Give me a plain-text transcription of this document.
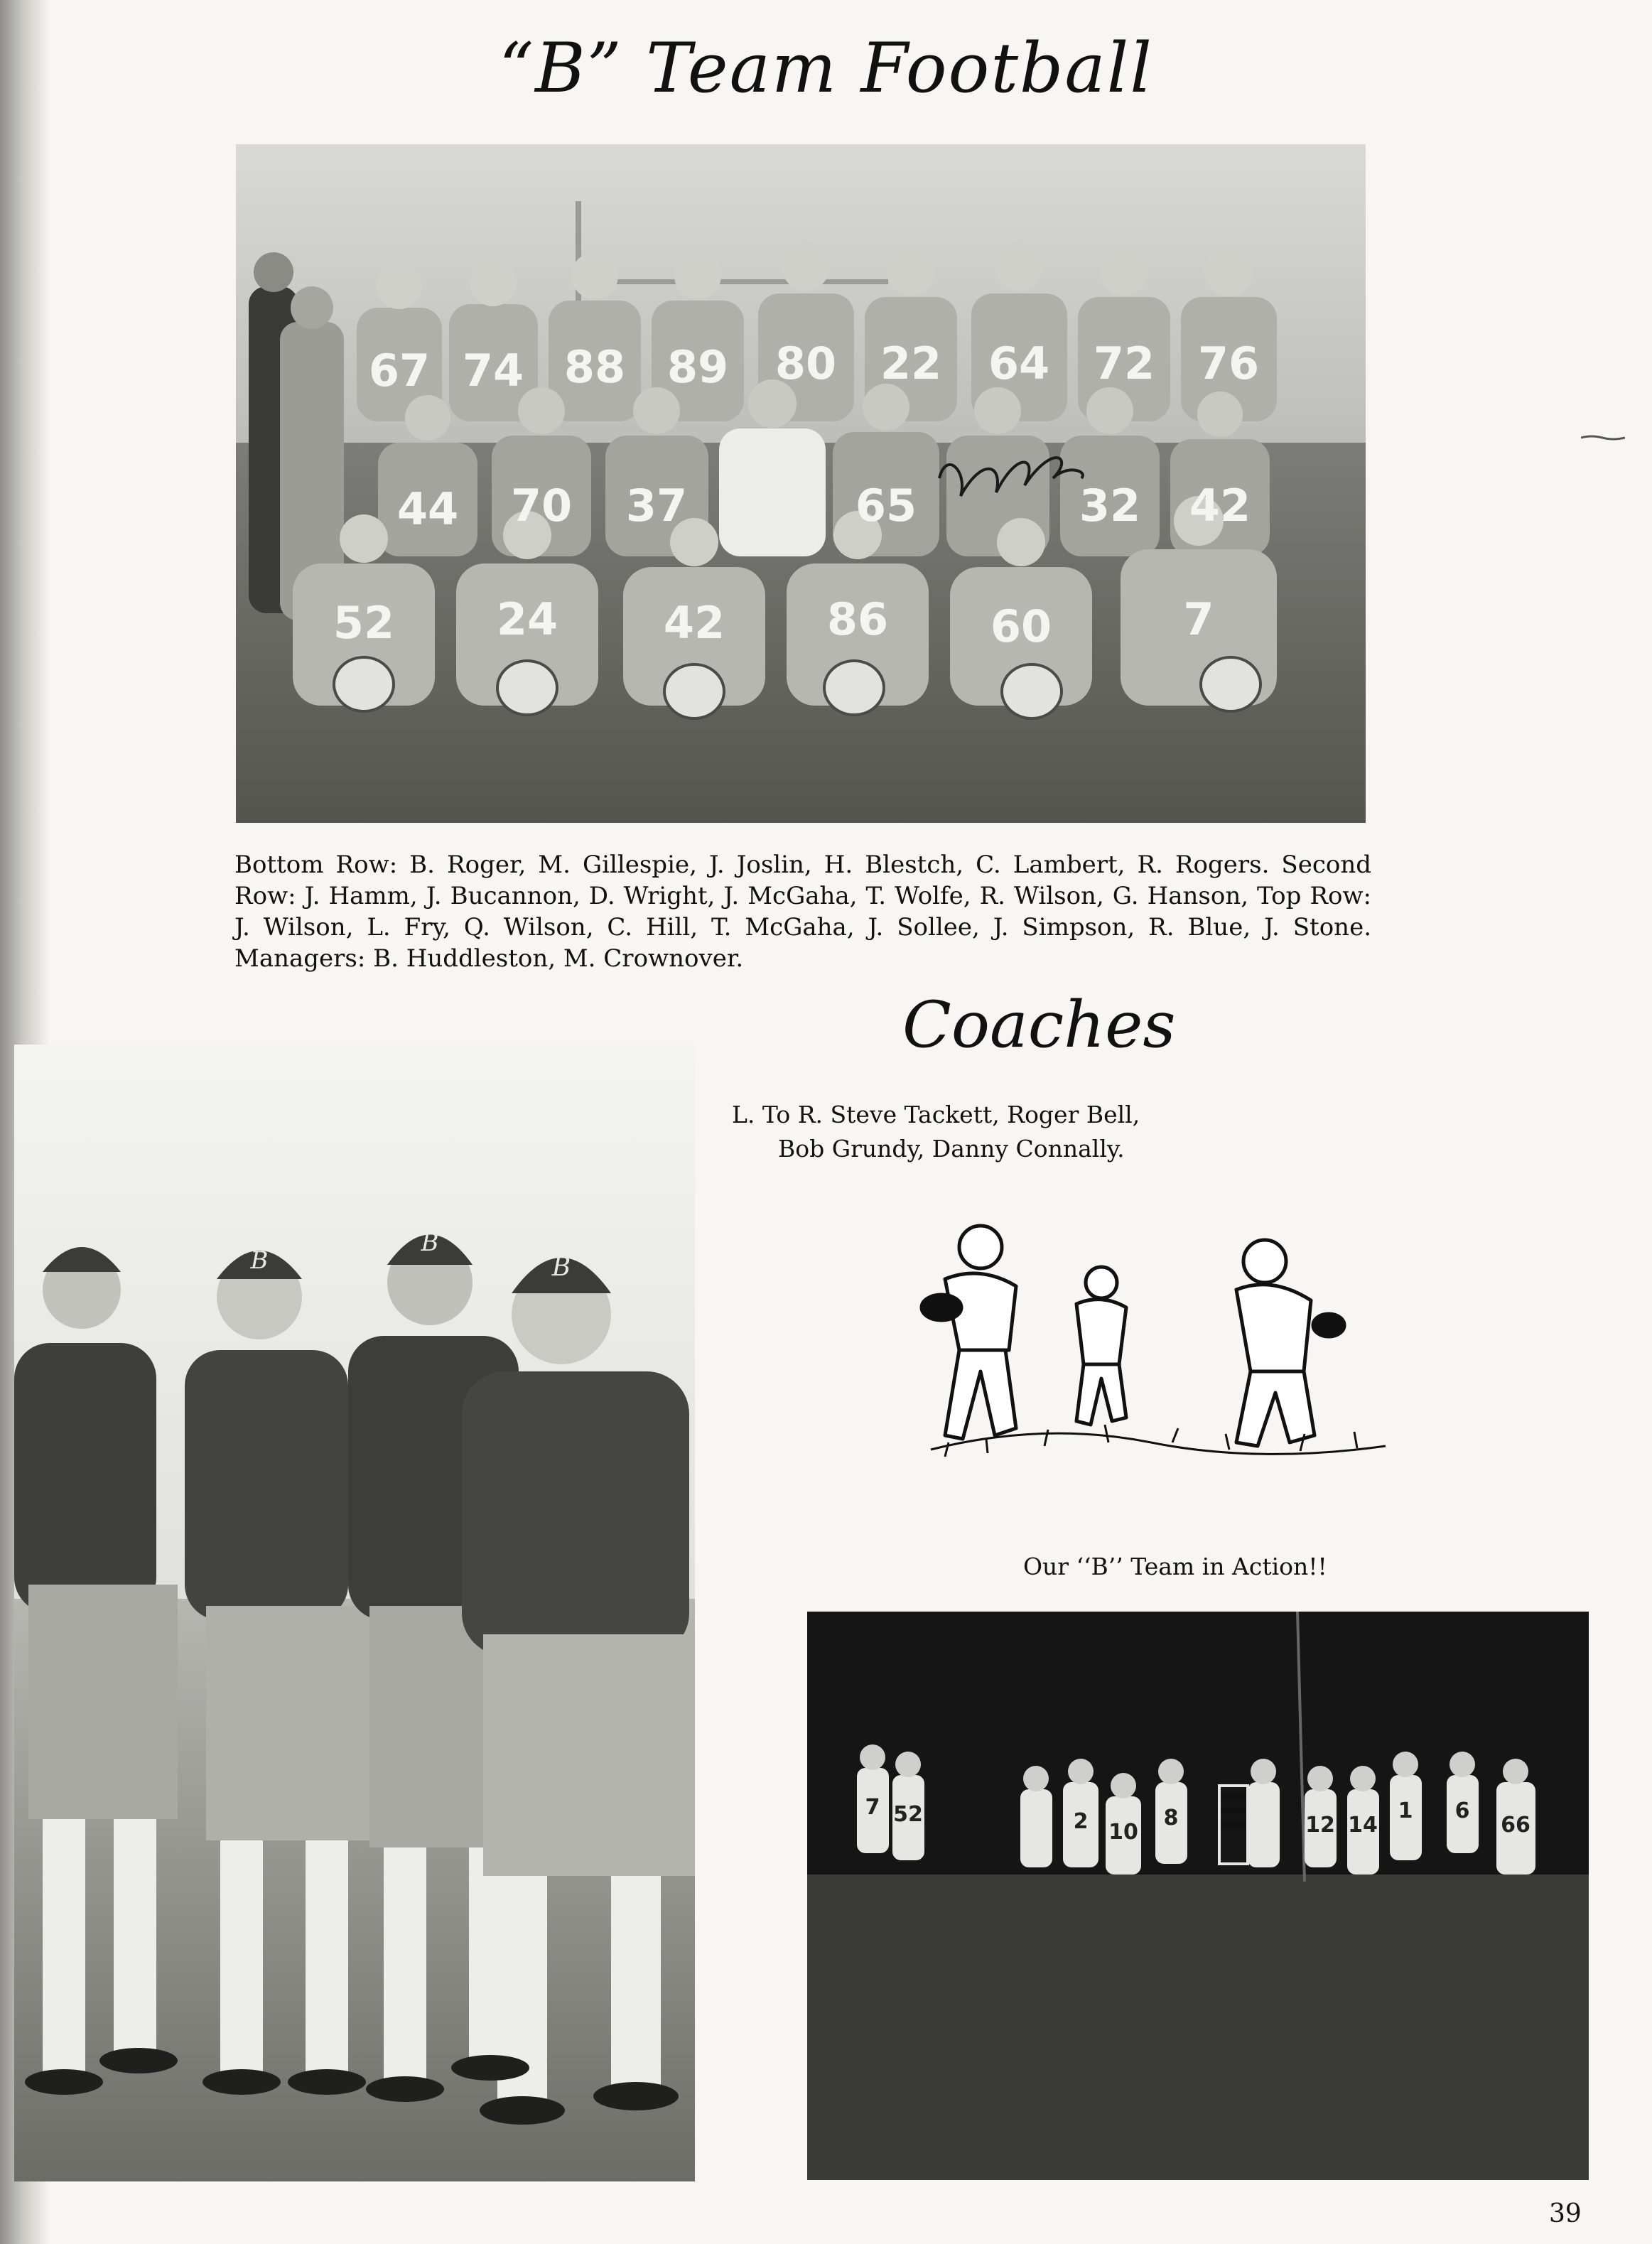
“B” Team Football
67 74 88 89 80 22 64 72 76
44 70 37	65	32 42
52 24 42 86 60	7

Bottom Row: B. Roger, M. Gillespie, J. Joslin, H. Blestch, C. Lambert, R. Rogers. Second Row: J. Hamm, J. Bucannon, D. Wright, J. McGaha, T. Wolfe, R. Wilson, G. Hanson, Top Row: J. Wilson, L. Fry, Q. Wilson, C. Hill, T. McGaha, J. Sollee, J. Simpson, R. Blue, J. Stone. Managers: B. Huddleston, M. Crownover.

Coaches

L. To R. Steve Tackett, Roger Bell,
Bob Grundy, Danny Connally.

B
B
B

Our ‘‘B’’ Team in Action!!

7 52	2	8
10	12 14
1 6
66

39
